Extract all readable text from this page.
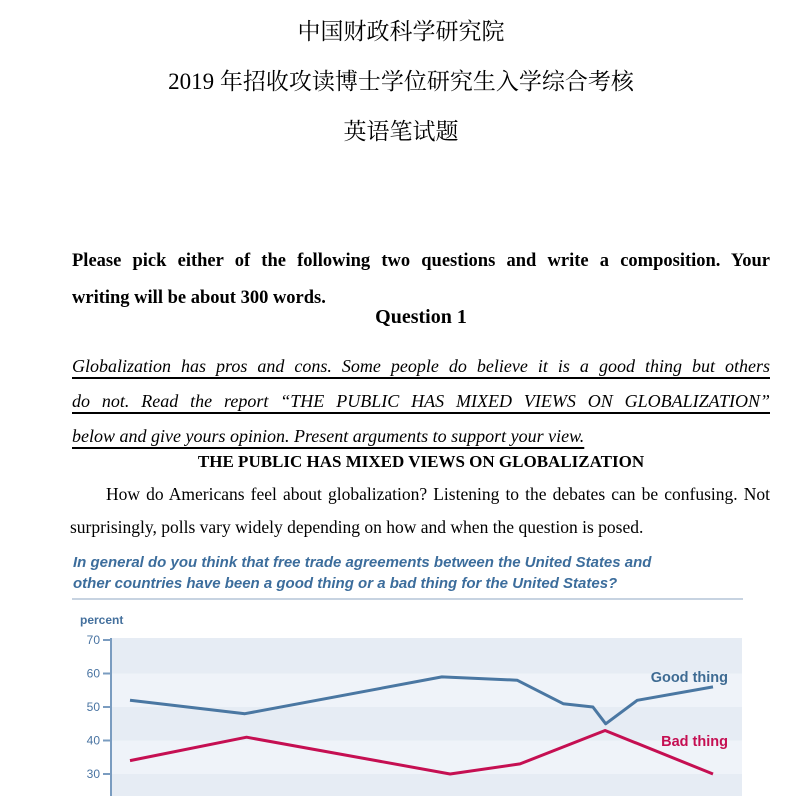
中国财政科学研究院
2019 年招收攻读博士学位研究生入学综合考核
英语笔试题
Please pick either of the following two questions and write a composition. Your
writing will be about 300 words.
Question 1
Globalization has pros and cons. Some people do believe it is a good thing but others
do not. Read the report “THE PUBLIC HAS MIXED VIEWS ON GLOBALIZATION”
below and give yours opinion. Present arguments to support your view.
THE PUBLIC HAS MIXED VIEWS ON GLOBALIZATION
How do Americans feel about globalization? Listening to the debates can be confusing. Not
surprisingly, polls vary widely depending on how and when the question is posed.
In general do you think that free trade agreements between the United States and
other countries have been a good thing or a bad thing for the United States?
percent
70
60
50
40
30
Good thing
Bad thing
